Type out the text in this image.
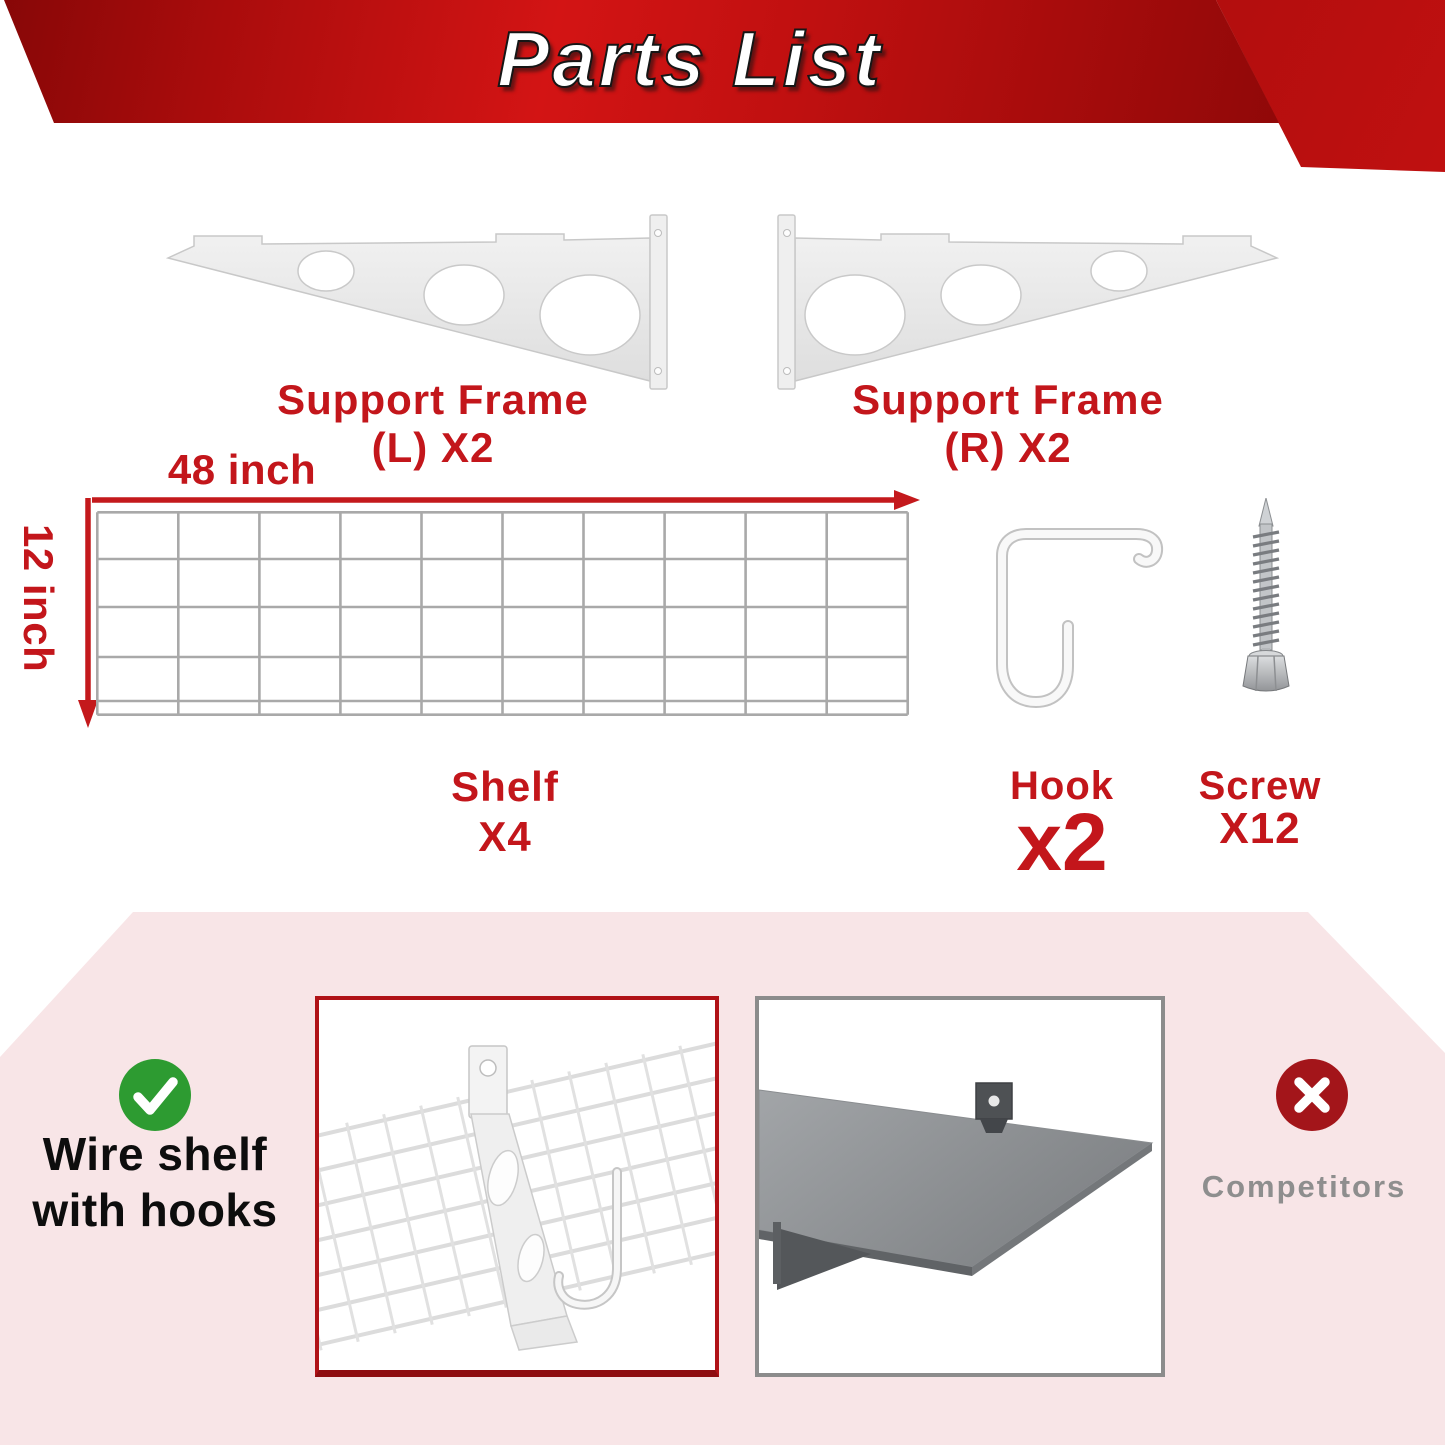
Parts List
Support Frame
(L) X2
Support Frame
(R) X2
48 inch
12 inch
Shelf
X4
Hook
x2
Screw
X12
Wire shelf
with hooks	Competitors
